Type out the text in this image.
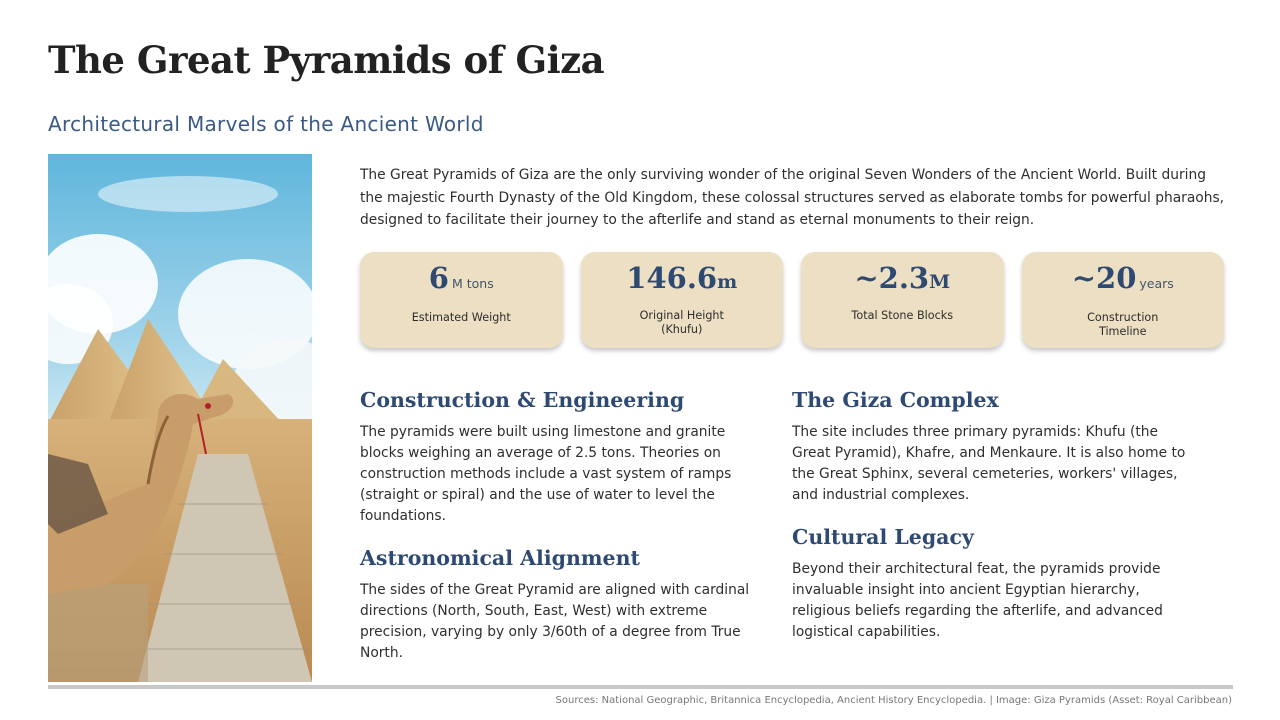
The Great Pyramids of Giza
Architectural Marvels of the Ancient World

The Great Pyramids of Giza are the only surviving wonder of the original Seven Wonders of the Ancient World. Built during the majestic Fourth Dynasty of the Old Kingdom, these colossal structures served as elaborate tombs for powerful pharaohs, designed to facilitate their journey to the afterlife and stand as eternal monuments to their reign.

6 M tons
Estimated Weight
146.6m
Original Height (Khufu)
~2.3M
Total Stone Blocks
~20 years
Construction Timeline
Construction & Engineering

The pyramids were built using limestone and granite blocks weighing an average of 2.5 tons. Theories on construction methods include a vast system of ramps (straight or spiral) and the use of water to level the foundations.

Astronomical Alignment

The sides of the Great Pyramid are aligned with cardinal directions (North, South, East, West) with extreme precision, varying by only 3/60th of a degree from True North.

The Giza Complex

The site includes three primary pyramids: Khufu (the Great Pyramid), Khafre, and Menkaure. It is also home to the Great Sphinx, several cemeteries, workers' villages, and industrial complexes.

Cultural Legacy

Beyond their architectural feat, the pyramids provide invaluable insight into ancient Egyptian hierarchy, religious beliefs regarding the afterlife, and advanced logistical capabilities.

Sources: National Geographic, Britannica Encyclopedia, Ancient History Encyclopedia. | Image: Giza Pyramids (Asset: Royal Caribbean)
